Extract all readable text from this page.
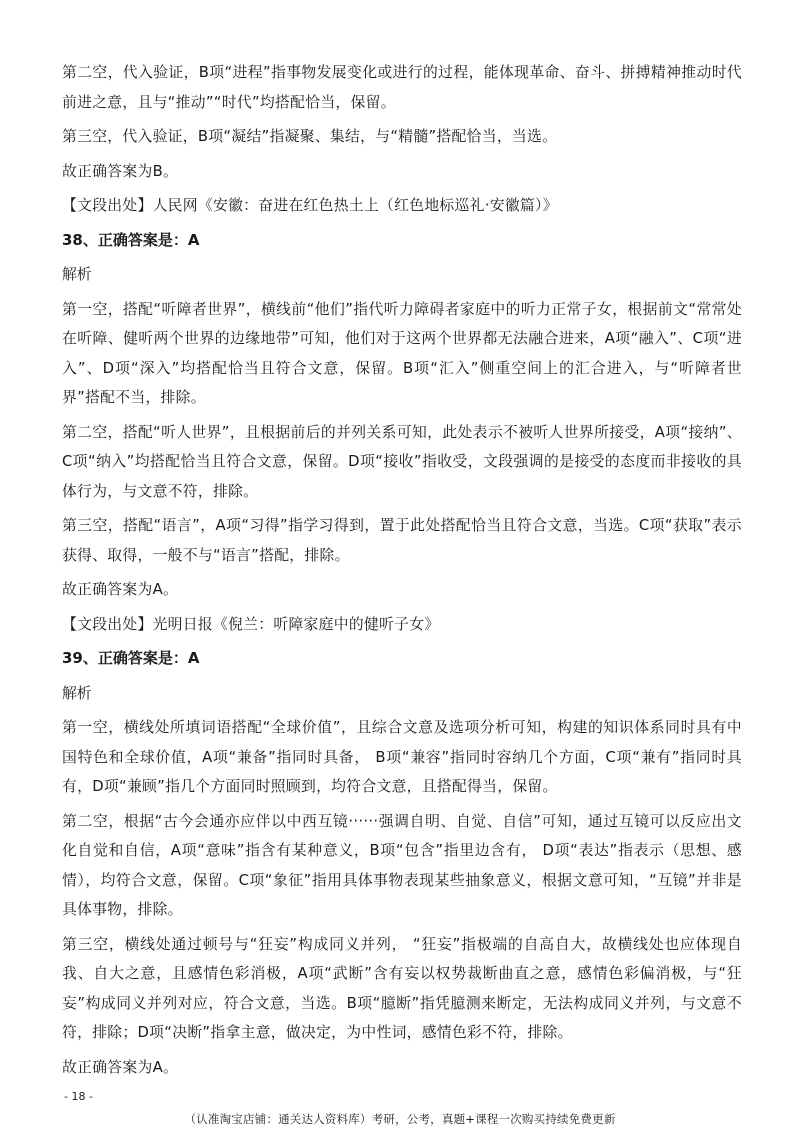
第二空，代入验证，B项“进程”指事物发展变化或进行的过程，能体现革命、奋斗、拼搏精神推动时代前进之意，且与“推动”“时代”均搭配恰当，保留。

第三空，代入验证，B项“凝结”指凝聚、集结，与“精髓”搭配恰当，当选。

故正确答案为B。

【文段出处】人民网《安徽：奋进在红色热土上（红色地标巡礼·安徽篇）》

38、正确答案是：A

解析

第一空，搭配“听障者世界”，横线前“他们”指代听力障碍者家庭中的听力正常子女，根据前文“常常处在听障、健听两个世界的边缘地带”可知，他们对于这两个世界都无法融合进来，A项“融入”、C项“进入”、D项“深入”均搭配恰当且符合文意，保留。B项“汇入”侧重空间上的汇合进入，与“听障者世界”搭配不当，排除。

第二空，搭配“听人世界”，且根据前后的并列关系可知，此处表示不被听人世界所接受，A项“接纳”、C项“纳入”均搭配恰当且符合文意，保留。D项“接收”指收受，文段强调的是接受的态度而非接收的具体行为，与文意不符，排除。

第三空，搭配“语言”，A项“习得”指学习得到，置于此处搭配恰当且符合文意，当选。C项“获取”表示获得、取得，一般不与“语言”搭配，排除。

故正确答案为A。

【文段出处】光明日报《倪兰：听障家庭中的健听子女》

39、正确答案是：A

解析

第一空，横线处所填词语搭配“全球价值”，且综合文意及选项分析可知，构建的知识体系同时具有中国特色和全球价值，A项“兼备”指同时具备， B项“兼容”指同时容纳几个方面，C项“兼有”指同时具有，D项“兼顾”指几个方面同时照顾到，均符合文意，且搭配得当，保留。

第二空，根据“古今会通亦应伴以中西互镜······强调自明、自觉、自信”可知，通过互镜可以反应出文化自觉和自信，A项“意味”指含有某种意义，B项“包含”指里边含有， D项“表达”指表示（思想、感情），均符合文意，保留。C项“象征”指用具体事物表现某些抽象意义，根据文意可知，“互镜”并非是具体事物，排除。

第三空，横线处通过顿号与“狂妄”构成同义并列， “狂妄”指极端的自高自大，故横线处也应体现自我、自大之意，且感情色彩消极，A项“武断”含有妄以权势裁断曲直之意，感情色彩偏消极，与“狂妄”构成同义并列对应，符合文意，当选。B项“臆断”指凭臆测来断定，无法构成同义并列，与文意不符，排除；D项“决断”指拿主意，做决定，为中性词，感情色彩不符，排除。

故正确答案为A。

- 18 -
（认准淘宝店铺：通关达人资料库）考研，公考，真题+课程一次购买持续免费更新
